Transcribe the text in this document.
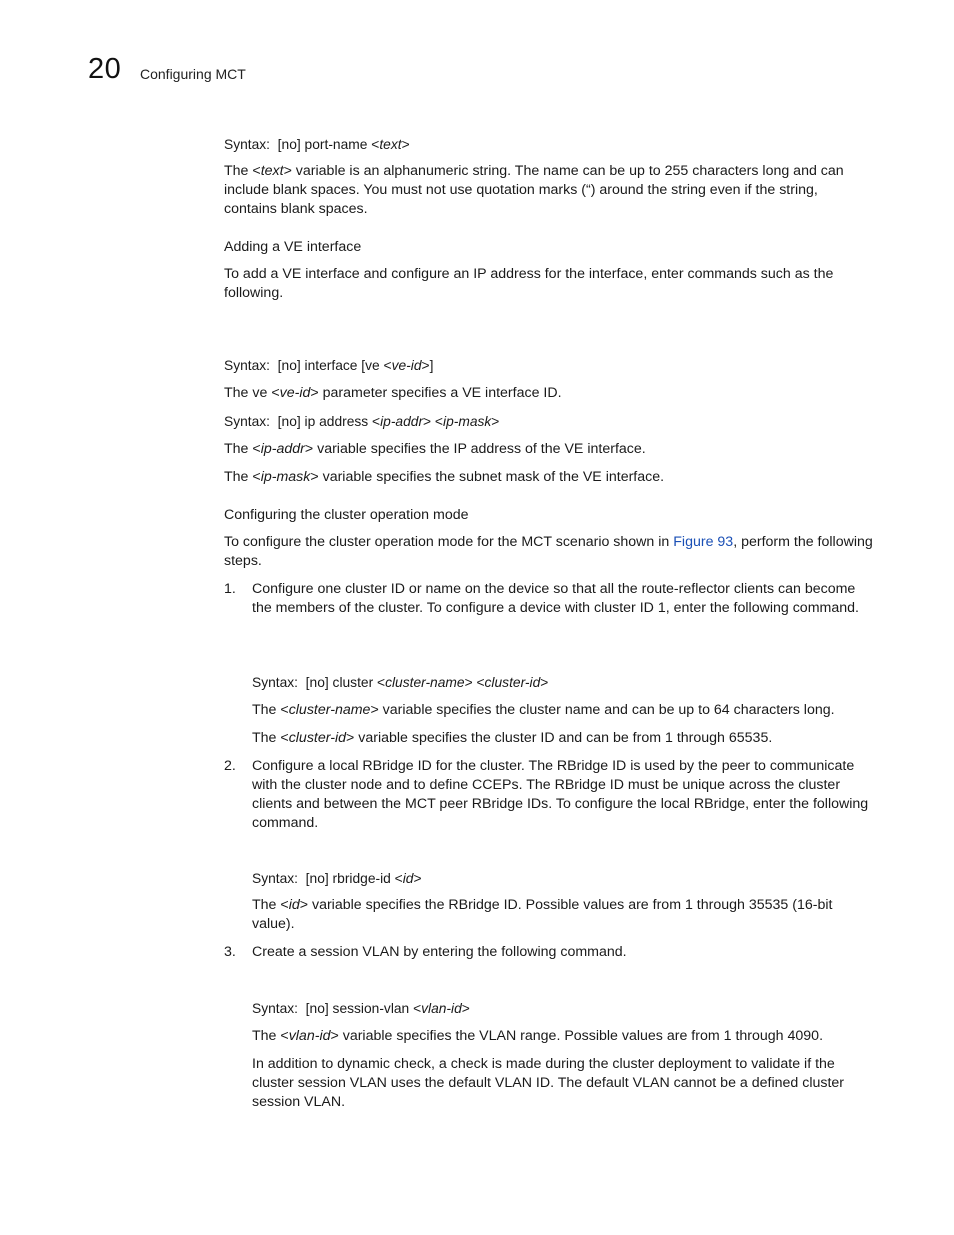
20 Configuring MCT

Syntax:  [no] port-name <text>

The <text> variable is an alphanumeric string. The name can be up to 255 characters long and can include blank spaces. You must not use quotation marks (“) around the string even if the string, contains blank spaces.

Adding a VE interface

To add a VE interface and configure an IP address for the interface, enter commands such as the following.

Syntax:  [no] interface [ve <ve-id>]

The ve <ve-id> parameter specifies a VE interface ID.

Syntax:  [no] ip address <ip-addr> <ip-mask>

The <ip-addr> variable specifies the IP address of the VE interface.

The <ip-mask> variable specifies the subnet mask of the VE interface.

Configuring the cluster operation mode

To configure the cluster operation mode for the MCT scenario shown in Figure 93, perform the following steps.

1. Configure one cluster ID or name on the device so that all the route-reflector clients can become the members of the cluster. To configure a device with cluster ID 1, enter the following command.

Syntax:  [no] cluster <cluster-name> <cluster-id>

The <cluster-name> variable specifies the cluster name and can be up to 64 characters long.

The <cluster-id> variable specifies the cluster ID and can be from 1 through 65535.

2. Configure a local RBridge ID for the cluster. The RBridge ID is used by the peer to communicate with the cluster node and to define CCEPs. The RBridge ID must be unique across the cluster clients and between the MCT peer RBridge IDs. To configure the local RBridge, enter the following command.

Syntax:  [no] rbridge-id <id>

The <id> variable specifies the RBridge ID. Possible values are from 1 through 35535 (16-bit value).

3. Create a session VLAN by entering the following command.

Syntax:  [no] session-vlan <vlan-id>

The <vlan-id> variable specifies the VLAN range. Possible values are from 1 through 4090.

In addition to dynamic check, a check is made during the cluster deployment to validate if the cluster session VLAN uses the default VLAN ID. The default VLAN cannot be a defined cluster session VLAN.
